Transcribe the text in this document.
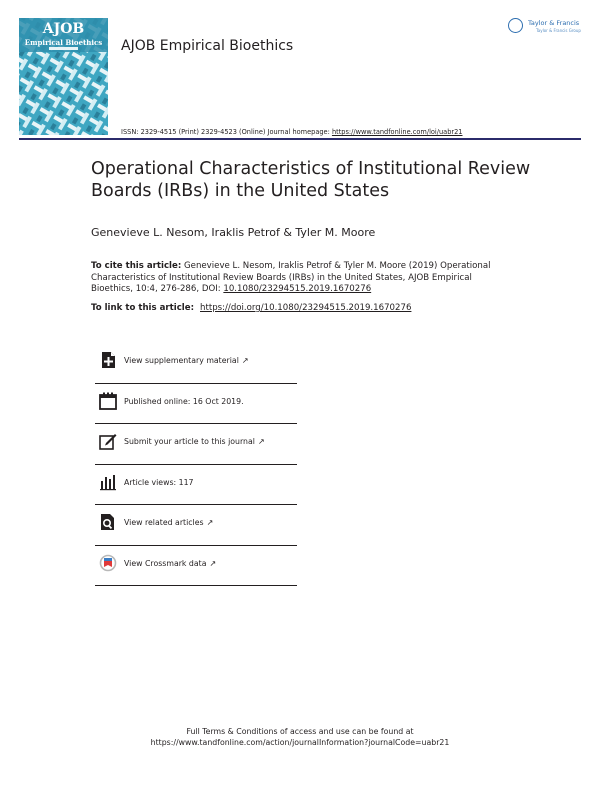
AJOB
Empirical Bioethics	AJOB Empirical Bioethics
Taylor & Francis
Taylor & Francis Group
ISSN: 2329-4515 (Print) 2329-4523 (Online) Journal homepage: https://www.tandfonline.com/loi/uabr21
Operational Characteristics of Institutional Review Boards (IRBs) in the United States
Genevieve L. Nesom, Iraklis Petrof & Tyler M. Moore
To cite this article: Genevieve L. Nesom, Iraklis Petrof & Tyler M. Moore (2019) Operational Characteristics of Institutional Review Boards (IRBs) in the United States, AJOB Empirical Bioethics, 10:4, 276-286, DOI: 10.1080/23294515.2019.1670276
To link to this article: https://doi.org/10.1080/23294515.2019.1670276
View supplementary material ↗
Published online: 16 Oct 2019.
Submit your article to this journal ↗
Article views: 117
View related articles ↗
View Crossmark data ↗
Full Terms & Conditions of access and use can be found at
https://www.tandfonline.com/action/journalInformation?journalCode=uabr21
